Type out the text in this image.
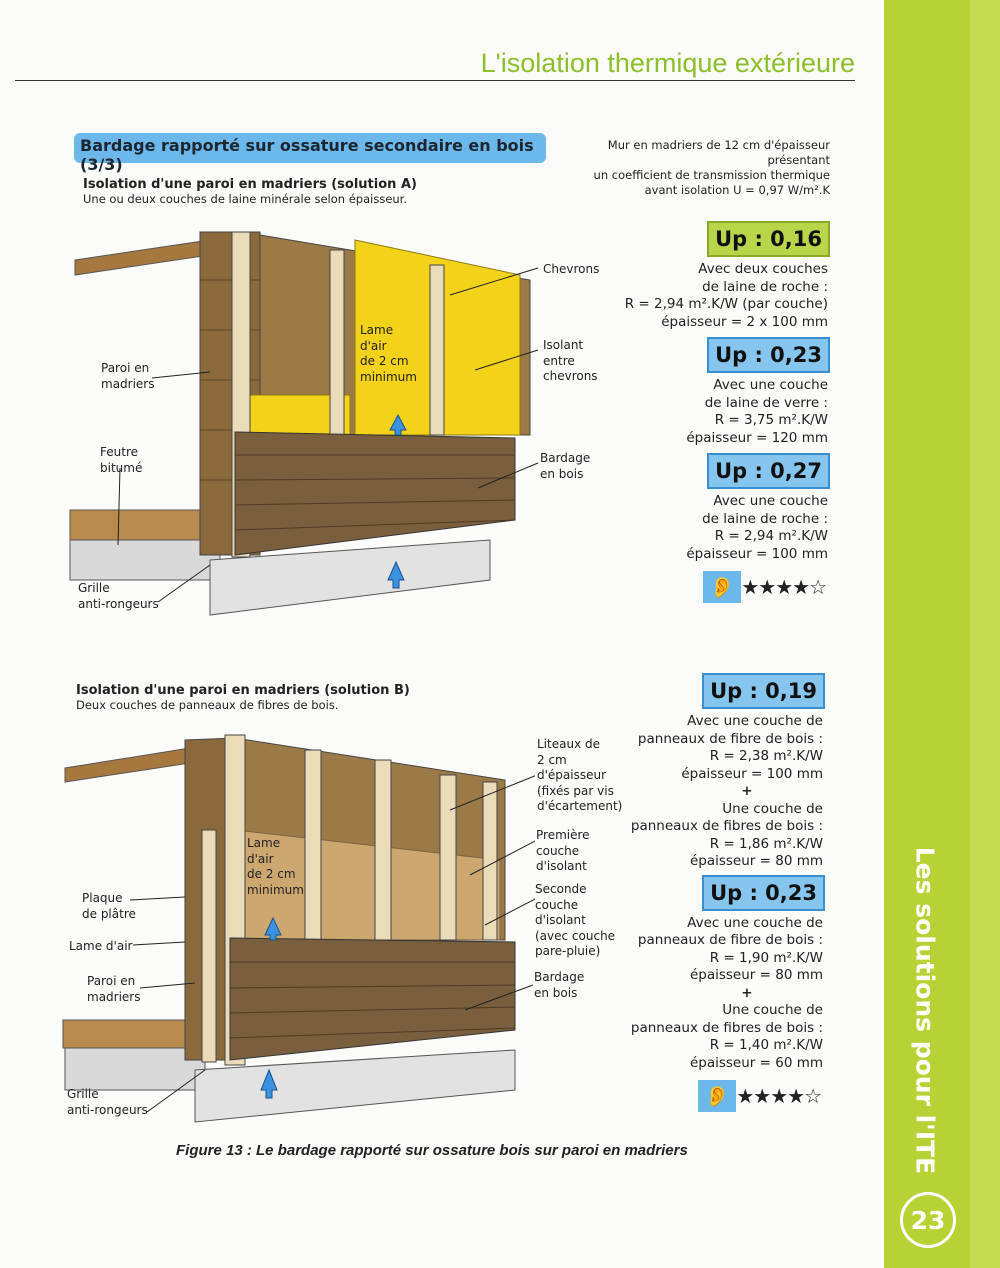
Les solutions pour l'ITE
23
L'isolation thermique extérieure
Bardage rapporté sur ossature secondaire en bois (3/3)
Mur en madriers de 12 cm d'épaisseur présentant
un coefficient de transmission thermique
avant isolation U = 0,97 W/m².K
Isolation d'une paroi en madriers (solution A)
Une ou deux couches de laine minérale selon épaisseur.
Lame
d'air
de 2 cm
minimum
Chevrons
Isolant
entre
chevrons
Bardage
en bois
Paroi en
madriers
Feutre
bitumé
Grille
anti-rongeurs
Up : 0,16
Avec deux couches
de laine de roche :
R = 2,94 m².K/W (par couche)
épaisseur = 2 x 100 mm
Up : 0,23
Avec une couche
de laine de verre :
R = 3,75 m².K/W
épaisseur = 120 mm
Up : 0,27
Avec une couche
de laine de roche :
R = 2,94 m².K/W
épaisseur = 100 mm
👂 ★★★★☆
Isolation d'une paroi en madriers (solution B)
Deux couches de panneaux de fibres de bois.
Lame
d'air
de 2 cm
minimum
Liteaux de
2 cm
d'épaisseur
(fixés par vis
d'écartement)
Première
couche
d'isolant
Seconde
couche
d'isolant
(avec couche
pare-pluie)
Bardage
en bois
Plaque
de plâtre
Lame d'air
Paroi en
madriers
Grille
anti-rongeurs
Up : 0,19
Avec une couche de
panneaux de fibre de bois :
R = 2,38 m².K/W
épaisseur = 100 mm
+
Une couche de
panneaux de fibres de bois :
R = 1,86 m².K/W
épaisseur = 80 mm
Up : 0,23
Avec une couche de
panneaux de fibre de bois :
R = 1,90 m².K/W
épaisseur = 80 mm
+
Une couche de
panneaux de fibres de bois :
R = 1,40 m².K/W
épaisseur = 60 mm
👂 ★★★★☆
Figure 13 : Le bardage rapporté sur ossature bois sur paroi en madriers
